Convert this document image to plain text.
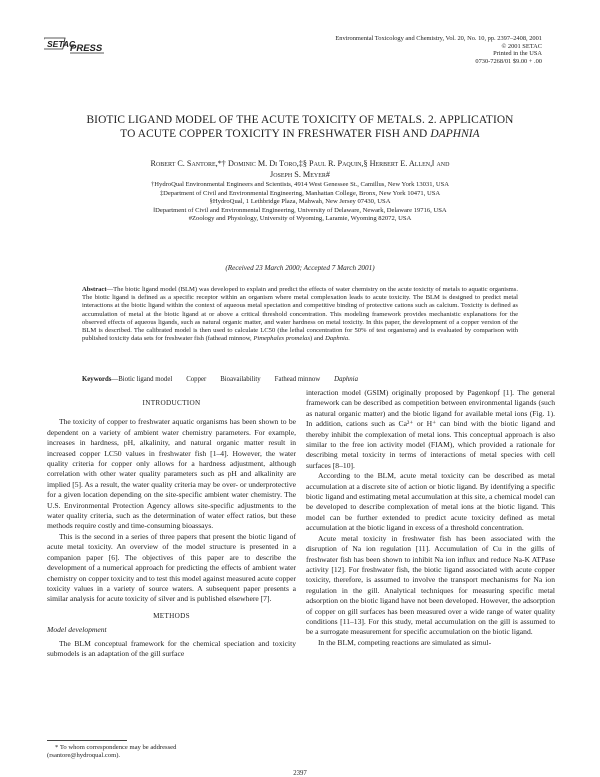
SETAC
PRESS
Environmental Toxicology and Chemistry, Vol. 20, No. 10, pp. 2397–2408, 2001
© 2001 SETAC
Printed in the USA
0730-7268/01 $9.00 + .00
BIOTIC LIGAND MODEL OF THE ACUTE TOXICITY OF METALS. 2. APPLICATION
TO ACUTE COPPER TOXICITY IN FRESHWATER FISH AND DAPHNIA
Robert C. Santore,*† Dominic M. Di Toro,‡§ Paul R. Paquin,§ Herbert E. Allen,‖ and
Joseph S. Meyer#
†HydroQual Environmental Engineers and Scientists, 4914 West Genessee St., Camillus, New York 13031, USA
‡Department of Civil and Environmental Engineering, Manhattan College, Bronx, New York 10471, USA
§HydroQual, 1 Lethbridge Plaza, Mahwah, New Jersey 07430, USA
‖Department of Civil and Environmental Engineering, University of Delaware, Newark, Delaware 19716, USA
#Zoology and Physiology, University of Wyoming, Laramie, Wyoming 82072, USA
(Received 23 March 2000; Accepted 7 March 2001)
Abstract—The biotic ligand model (BLM) was developed to explain and predict the effects of water chemistry on the acute toxicity of metals to aquatic organisms. The biotic ligand is defined as a specific receptor within an organism where metal complexation leads to acute toxicity. The BLM is designed to predict metal interactions at the biotic ligand within the context of aqueous metal speciation and competitive binding of protective cations such as calcium. Toxicity is defined as accumulation of metal at the biotic ligand at or above a critical threshold concentration. This modeling framework provides mechanistic explanations for the observed effects of aqueous ligands, such as natural organic matter, and water hardness on metal toxicity. In this paper, the development of a copper version of the BLM is described. The calibrated model is then used to calculate LC50 (the lethal concentration for 50% of test organisms) and is evaluated by comparison with published toxicity data sets for freshwater fish (fathead minnow, Pimephales promelas) and Daphnia.
Keywords—Biotic ligand model Copper Bioavailability Fathead minnow Daphnia
INTRODUCTION

The toxicity of copper to freshwater aquatic organisms has been shown to be dependent on a variety of ambient water chemistry parameters. For example, increases in hardness, pH, alkalinity, and natural organic matter result in increased copper LC50 values in freshwater fish [1–4]. However, the water quality criteria for copper only allows for a hardness adjustment, although correlation with other water quality parameters such as pH and alkalinity are implied [5]. As a result, the water quality criteria may be over- or underprotective for a given location depending on the site-specific ambient water chemistry. The U.S. Environmental Protection Agency allows site-specific adjustments to the water quality criteria, such as the determination of water effect ratios, but these methods require costly and time-consuming bioassays.

This is the second in a series of three papers that present the biotic ligand of acute metal toxicity. An overview of the model structure is presented in a companion paper [6]. The objectives of this paper are to describe the development of a numerical approach for predicting the effects of ambient water chemistry on copper toxicity and to test this model against measured acute copper toxicity values in a variety of source waters. A subsequent paper presents a similar analysis for acute toxicity of silver and is published elsewhere [7].

METHODS
Model development

The BLM conceptual framework for the chemical speciation and toxicity submodels is an adaptation of the gill surface

interaction model (GSIM) originally proposed by Pagenkopf [1]. The general framework can be described as competition between environmental ligands (such as natural organic matter) and the biotic ligand for available metal ions (Fig. 1). In addition, cations such as Ca²⁺ or H⁺ can bind with the biotic ligand and thereby inhibit the complexation of metal ions. This conceptual approach is also similar to the free ion activity model (FIAM), which provided a rationale for describing metal toxicity in terms of interactions of metal species with cell surfaces [8–10].

According to the BLM, acute metal toxicity can be described as metal accumulation at a discrete site of action or biotic ligand. By identifying a specific biotic ligand and estimating metal accumulation at this site, a chemical model can be developed to describe complexation of metal ions at the biotic ligand. This model can be further extended to predict acute toxicity defined as metal accumulation at the biotic ligand in excess of a threshold concentration.

Acute metal toxicity in freshwater fish has been associated with the disruption of Na ion regulation [11]. Accumulation of Cu in the gills of freshwater fish has been shown to inhibit Na ion influx and reduce Na-K ATPase activity [12]. For freshwater fish, the biotic ligand associated with acute copper toxicity, therefore, is assumed to involve the transport mechanisms for Na ion regulation in the gill. Analytical techniques for measuring specific metal adsorption on the biotic ligand have not been developed. However, the adsorption of copper on gill surfaces has been measured over a wide range of water quality conditions [11–13]. For this study, metal accumulation on the gill is assumed to be a surrogate measurement for specific accumulation on the biotic ligand.

In the BLM, competing reactions are simulated as simul-

* To whom correspondence may be addressed
(rsantore@hydroqual.com).
2397
